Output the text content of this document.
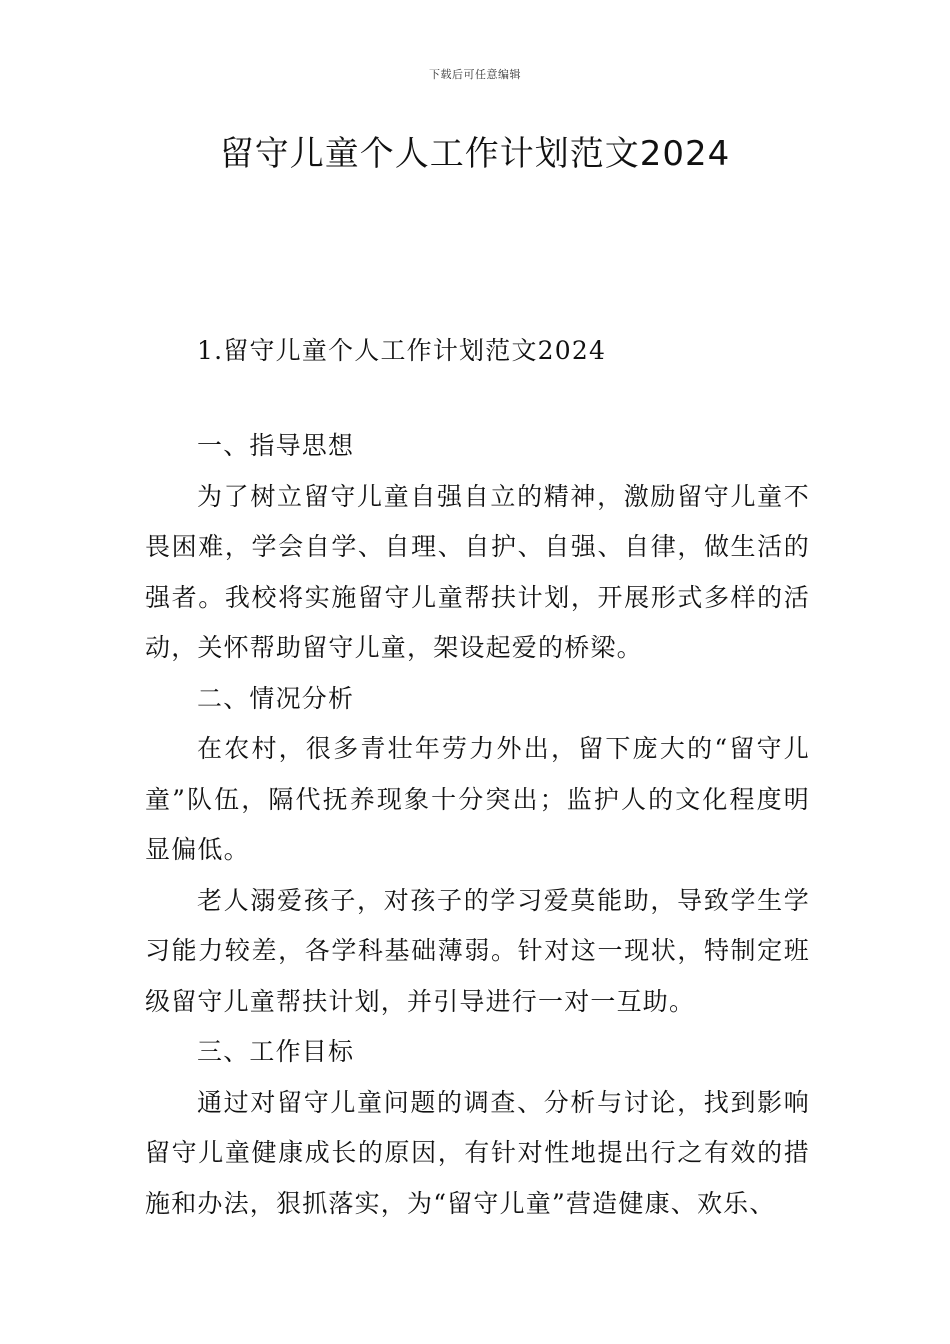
下载后可任意编辑
留守儿童个人工作计划范文2024

1.留守儿童个人工作计划范文2024

一、指导思想

为了树立留守儿童自强自立的精神，激励留守儿童不畏困难，学会自学、自理、自护、自强、自律，做生活的强者。我校将实施留守儿童帮扶计划，开展形式多样的活动，关怀帮助留守儿童，架设起爱的桥梁。

二、情况分析

在农村，很多青壮年劳力外出，留下庞大的“留守儿童”队伍，隔代抚养现象十分突出；监护人的文化程度明显偏低。

老人溺爱孩子，对孩子的学习爱莫能助，导致学生学习能力较差，各学科基础薄弱。针对这一现状，特制定班级留守儿童帮扶计划，并引导进行一对一互助。

三、工作目标

通过对留守儿童问题的调查、分析与讨论，找到影响留守儿童健康成长的原因，有针对性地提出行之有效的措施和办法，狠抓落实，为“留守儿童”营造健康、欢乐、
